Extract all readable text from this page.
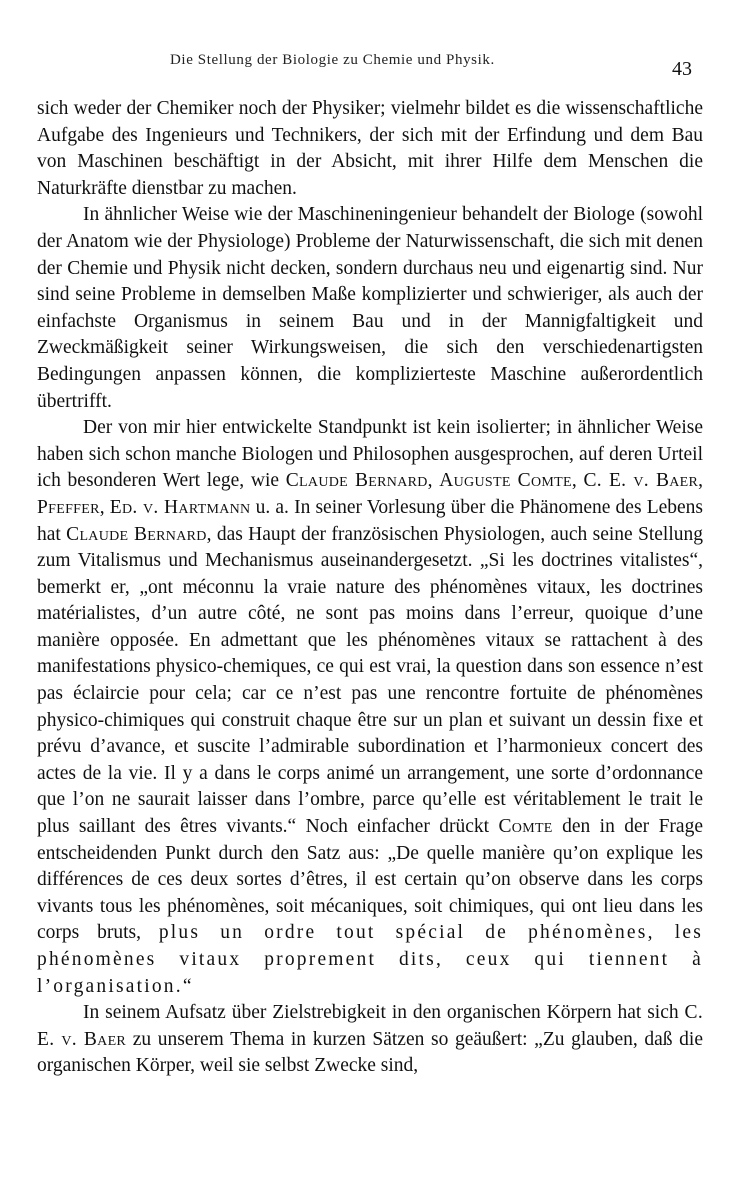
Die Stellung der Biologie zu Chemie und Physik.	43

sich weder der Chemiker noch der Physiker; vielmehr bildet es die wissenschaftliche Aufgabe des Ingenieurs und Technikers, der sich mit der Erfindung und dem Bau von Maschinen beschäftigt in der Absicht, mit ihrer Hilfe dem Menschen die Naturkräfte dienstbar zu machen.

In ähnlicher Weise wie der Maschineningenieur behandelt der Biologe (sowohl der Anatom wie der Physiologe) Probleme der Naturwissenschaft, die sich mit denen der Chemie und Physik nicht decken, sondern durchaus neu und eigenartig sind. Nur sind seine Probleme in demselben Maße komplizierter und schwieriger, als auch der einfachste Organismus in seinem Bau und in der Mannigfaltigkeit und Zweckmäßigkeit seiner Wirkungsweisen, die sich den verschiedenartigsten Bedingungen anpassen können, die komplizierteste Maschine außerordentlich übertrifft.

Der von mir hier entwickelte Standpunkt ist kein isolierter; in ähnlicher Weise haben sich schon manche Biologen und Philosophen ausgesprochen, auf deren Urteil ich besonderen Wert lege, wie Claude Bernard, Auguste Comte, C. E. v. Baer, Pfeffer, Ed. v. Hartmann u. a. In seiner Vorlesung über die Phänomene des Lebens hat Claude Bernard, das Haupt der französischen Physiologen, auch seine Stellung zum Vitalismus und Mechanismus auseinandergesetzt. „Si les doctrines vitalistes“, bemerkt er, „ont méconnu la vraie nature des phénomènes vitaux, les doctrines matérialistes, d’un autre côté, ne sont pas moins dans l’erreur, quoique d’une manière opposée. En admettant que les phénomènes vitaux se rattachent à des manifestations physico-chemiques, ce qui est vrai, la question dans son essence n’est pas éclaircie pour cela; car ce n’est pas une rencontre fortuite de phénomènes physico-chimiques qui construit chaque être sur un plan et suivant un dessin fixe et prévu d’avance, et suscite l’admirable subordination et l’harmonieux concert des actes de la vie. Il y a dans le corps animé un arrangement, une sorte d’ordonnance que l’on ne saurait laisser dans l’ombre, parce qu’elle est véritablement le trait le plus saillant des êtres vivants.“ Noch einfacher drückt Comte den in der Frage entscheidenden Punkt durch den Satz aus: „De quelle manière qu’on explique les différences de ces deux sortes d’êtres, il est certain qu’on observe dans les corps vivants tous les phénomènes, soit mécaniques, soit chimiques, qui ont lieu dans les corps bruts, plus un ordre tout spécial de phénomènes, les phénomènes vitaux proprement dits, ceux qui tiennent à l’organisation.“

In seinem Aufsatz über Zielstrebigkeit in den organischen Körpern hat sich C. E. v. Baer zu unserem Thema in kurzen Sätzen so geäußert: „Zu glauben, daß die organischen Körper, weil sie selbst Zwecke sind,
